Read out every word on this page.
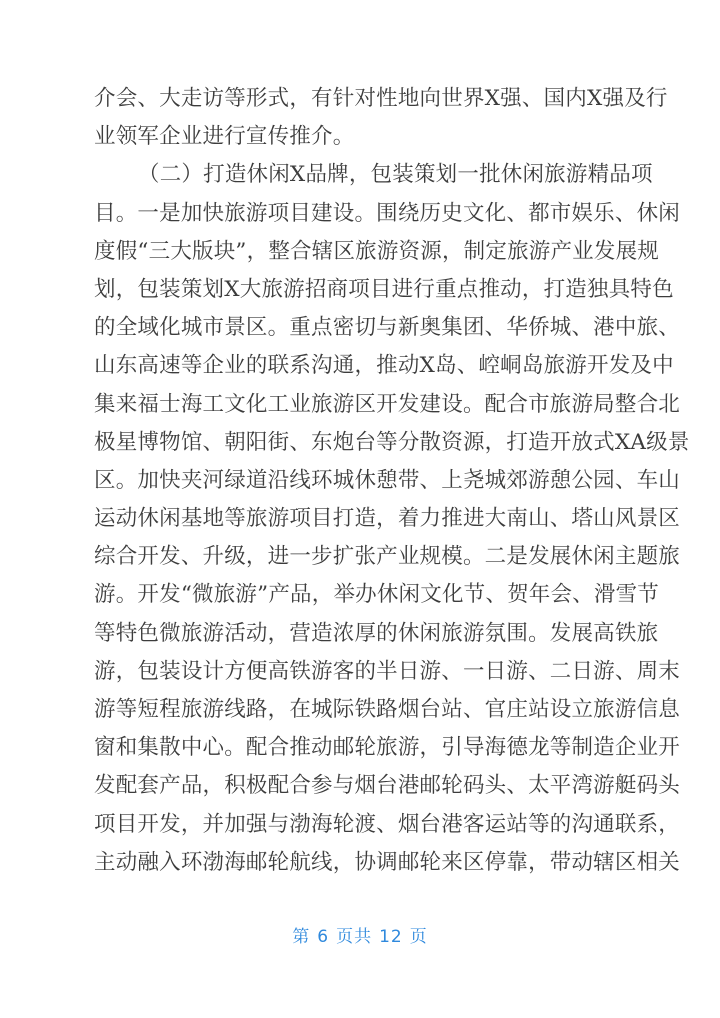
介 会 、 大 走 访 等 形 式 ， 有 针 对 性 地 向 世 界 X 强 、 国 内 X 强 及 行
业领军企业进行宣传推介。
（ 二 ） 打 造 休 闲 X 品 牌 ， 包 装 策 划 一 批 休 闲 旅 游 精 品 项
目 。 一 是 加 快 旅 游 项 目 建 设 。 围 绕 历 史 文 化 、 都 市 娱 乐 、 休 闲
度 假 “ 三 大 版 块 ” ， 整 合 辖 区 旅 游 资 源 ， 制 定 旅 游 产 业 发 展 规
划 ， 包 装 策 划 X 大 旅 游 招 商 项 目 进 行 重 点 推 动 ， 打 造 独 具 特 色
的 全 域 化 城 市 景 区 。 重 点 密 切 与 新 奥 集 团 、 华 侨 城 、 港 中 旅 、
山 东 高 速 等 企 业 的 联 系 沟 通 ， 推 动 X 岛 、 崆 峒 岛 旅 游 开 发 及 中
集 来 福 士 海 工 文 化 工 业 旅 游 区 开 发 建 设 。 配 合 市 旅 游 局 整 合 北
极 星 博 物 馆 、 朝 阳 街 、 东 炮 台 等 分 散 资 源 ， 打 造 开 放 式 X A 级 景
区 。 加 快 夹 河 绿 道 沿 线 环 城 休 憩 带 、 上 尧 城 郊 游 憩 公 园 、 车 山
运 动 休 闲 基 地 等 旅 游 项 目 打 造 ， 着 力 推 进 大 南 山 、 塔 山 风 景 区
综 合 开 发 、 升 级 ， 进 一 步 扩 张 产 业 规 模 。 二 是 发 展 休 闲 主 题 旅
游 。 开 发 “ 微 旅 游 ” 产 品 ， 举 办 休 闲 文 化 节 、 贺 年 会 、 滑 雪 节
等 特 色 微 旅 游 活 动 ， 营 造 浓 厚 的 休 闲 旅 游 氛 围 。 发 展 高 铁 旅
游 ， 包 装 设 计 方 便 高 铁 游 客 的 半 日 游 、 一 日 游 、 二 日 游 、 周 末
游 等 短 程 旅 游 线 路 ， 在 城 际 铁 路 烟 台 站 、 官 庄 站 设 立 旅 游 信 息
窗 和 集 散 中 心 。 配 合 推 动 邮 轮 旅 游 ， 引 导 海 德 龙 等 制 造 企 业 开
发 配 套 产 品 ， 积 极 配 合 参 与 烟 台 港 邮 轮 码 头 、 太 平 湾 游 艇 码 头
项 目 开 发 ， 并 加 强 与 渤 海 轮 渡 、 烟 台 港 客 运 站 等 的 沟 通 联 系 ，
主 动 融 入 环 渤 海 邮 轮 航 线 ， 协 调 邮 轮 来 区 停 靠 ， 带 动 辖 区 相 关
第 6 页共 12 页
